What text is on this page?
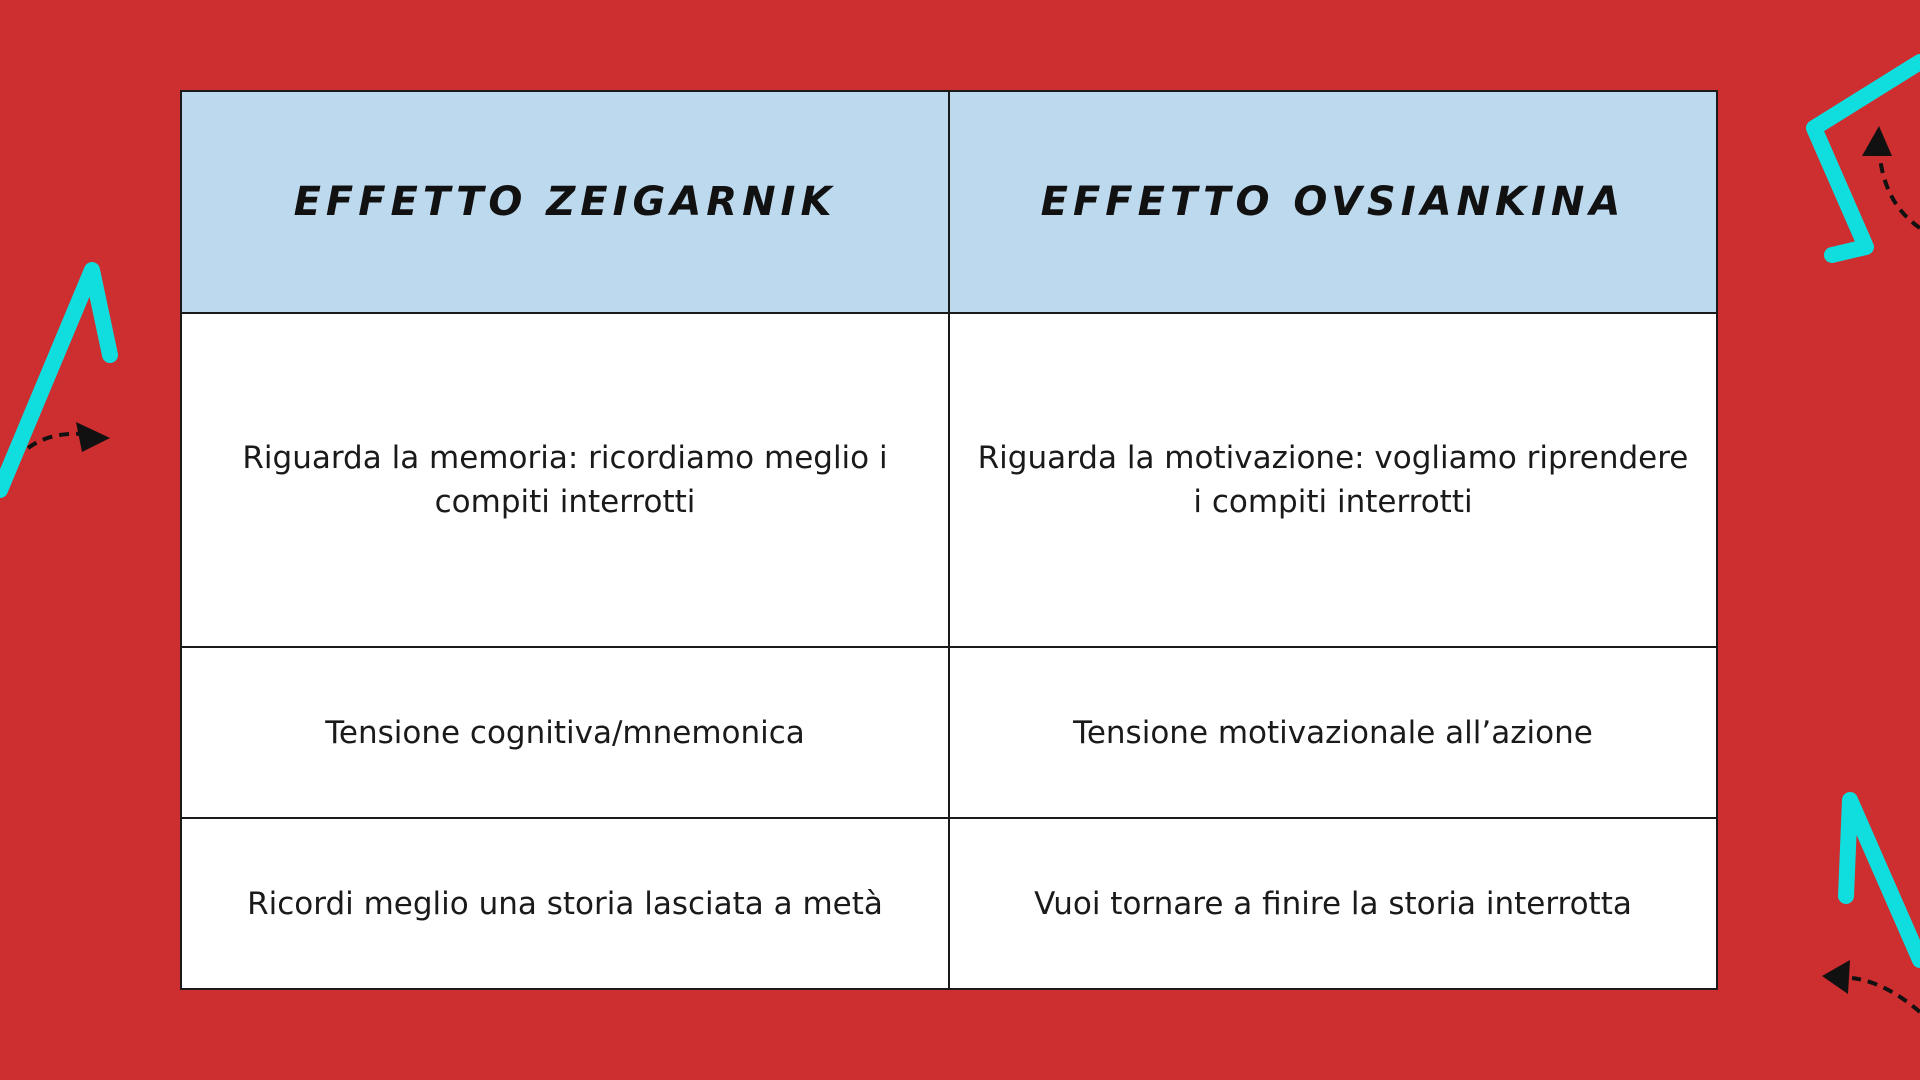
EFFETTO ZEIGARNIK	EFFETTO OVSIANKINA
Riguarda la memoria: ricordiamo meglio i compiti interrotti	Riguarda la motivazione: vogliamo riprendere i compiti interrotti
Tensione cognitiva/mnemonica	Tensione motivazionale all’azione
Ricordi meglio una storia lasciata a metà	Vuoi tornare a finire la storia interrotta
